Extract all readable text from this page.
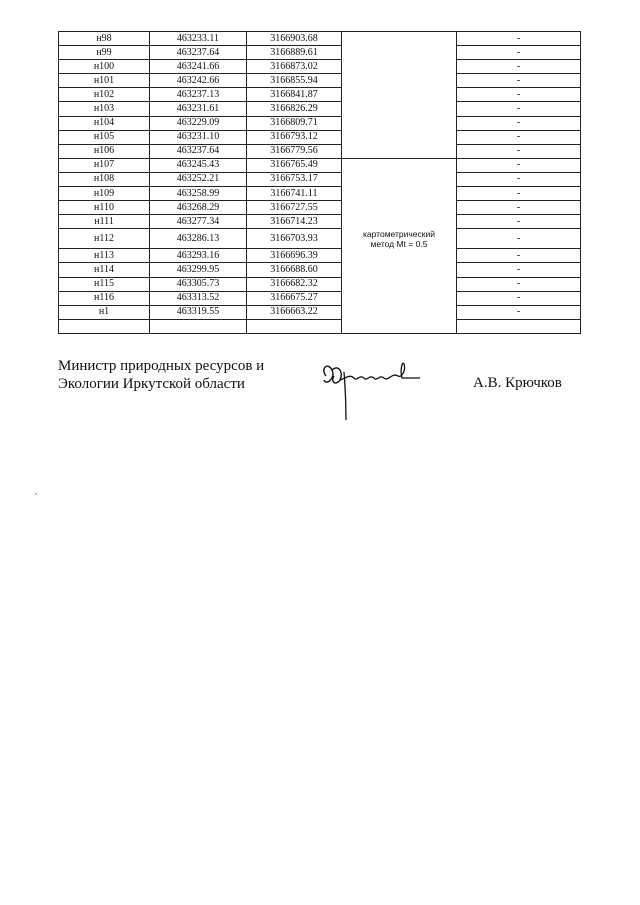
н98	463233.11	3166903.68		-
н99	463237.64	3166889.61		-
н100	463241.66	3166873.02		-
н101	463242.66	3166855.94		-
н102	463237.13	3166841.87		-
н103	463231.61	3166826.29		-
н104	463229.09	3166809.71		-
н105	463231.10	3166793.12		-
н106	463237.64	3166779.56		-
н107	463245.43	3166765.49		-
н108	463252.21	3166753.17		-
н109	463258.99	3166741.11		-
н110	463268.29	3166727.55		-
н111	463277.34	3166714.23		-
н112	463286.13	3166703.93	картометрический
метод Mt = 0.5	-
н113	463293.16	3166696.39		-
н114	463299.95	3166688.60		-
н115	463305.73	3166682.32		-
н116	463313.52	3166675.27		-
н1	463319.55	3166663.22		-

Министр природных ресурсов и
Экологии Иркутской области	А.В. Крючков
